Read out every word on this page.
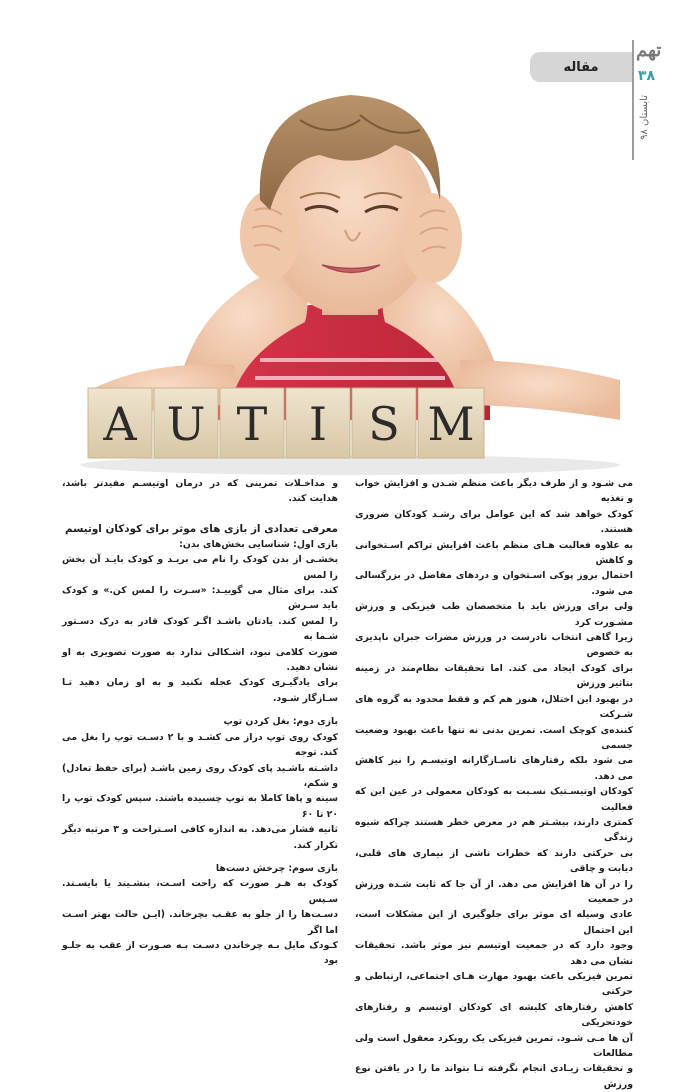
مقاله
تهم
۳۸
تابستان ۹۸
A U T I S M

می شـود و از طرف دیگر باعث منظم شـدن و افزایش خواب و تغذیه

کودک خواهد شد که این عوامل برای رشـد کودکان ضروری هستند.

به علاوه فعالیت هـای منظم باعث افزایش تراکم اسـتخوانی و کاهش

احتمال بروز پوکی اسـتخوان و دردهای مفاصل در بزرگسالی می شود.

ولی برای ورزش باید با متخصصان طب فیزیکی و ورزش مشـورت کرد

زیرا گاهی انتخاب نادرست در ورزش مضرات جبران ناپذیری به خصوص

برای کودک ایجاد می کند. اما تحقیقات نظام‌مند در زمینه بتاثیر ورزش

در بهبود این اختلال، هنوز هم کم و فقط محدود به گروه های شـرکت

کننده‌ی کوچک است. تمرین بدنی نه تنها باعث بهبود وضعیت جسمی

می شود بلکه رفتارهای تاسـازگارانه اوتیسـم را نیز کاهش می دهد.

کودکان اوتیسـتیک نسـبت به کودکان معمولی در عین این که فعالیت

کمتری دارند، بیشـتر هم در معرض خطر هستند چراکه شیوه زندگی

بی حرکتی دارند که خطرات ناشی از بیماری های قلبی، دیابت و چاقی

را در آن ها افزایش می دهد. از آن جا که ثابت شـده ورزش در جمعیت

عادی وسیله ای موثر برای جلوگیری از این مشکلات است، این احتمال

وجود دارد که در جمعیت اوتیسم نیز موثر باشد. تحقیقات نشان می دهد

تمرین فیزیکی باعث بهبود مهارت هـای اجتماعی، ارتباطی و حرکتی

کاهش رفتارهای کلیشه ای کودکان اوتیسم و رفتارهای خودتحریکی

آن ها مـی شـود. تمرین فیزیکی یک رویکرد معقول است ولی مطالعات

و تحقیقات زیـادی انجام نگرفته تـا بتواند ما را در یافتن نوع ورزش

و مداخـلات تمرینی که در درمان اوتیسـم مفیدتر باشد، هدایت کند.

معرفی تعدادی از بازی های موثر برای کودکان اوتیسم

بازی اول: شناسایی بخش‌های بدن:

بخشـی از بدن کودک را نام می بریـد و کودک بایـد آن بخش را لمس

کند. برای مثال می گوییـد: «سـرت را لمس کن.» و کودک باید سـرش

را لمس کند. یادتان باشـد اگـر کودک قادر به درک دسـتور شـما به

صورت کلامی نبود، اشـکالی ندارد به صورت تصویری به او نشان دهید.

برای یادگیـری کودک عجله نکنید و به او زمان دهید تـا سـازگار شـود.

بازی دوم: بغل کردن توپ

کودک روی توپ دراز می کشـد و با ۲ دسـت توپ را بغل می کند. توجه

داشـته باشـید پای کودک روی زمین باشـد (برای حفظ تعادل) و شکم،

سینه و پاها کاملا به توپ چسبیده باشند. سپس کودک توپ را ۲۰ تا ۶۰

ثانیه فشار می‌دهد. به اندازه کافی اسـتراحت و ۳ مرتبه دیگر تکرار کند.

بازی سوم: چرخش دست‌ها

کودک به هـر صورت که راحت اسـت، بنشـیند یا بایسـتد. سـپس

دسـت‌ها را از جلو به عقـب بچرخاند. (ایـن حالت بهتر اسـت اما اگر

کـودک مایل بـه چرخاندن دسـت بـه صـورت از عقب به جلـو بود
